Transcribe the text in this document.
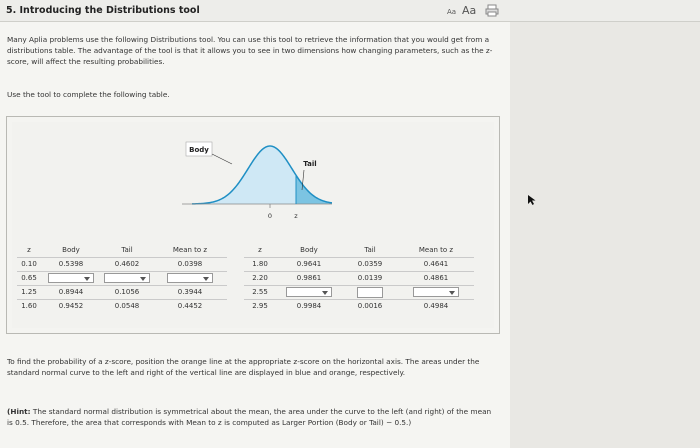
5. Introducing the Distributions tool	Aa Aa

Many Aplia problems use the following Distributions tool. You can use this tool to retrieve the information that you would get from a distributions table. The advantage of the tool is that it allows you to see in two dimensions how changing parameters, such as the z-score, will affect the resulting probabilities.

Use the tool to complete the following table.

0	z
Body
Tail
z	Body	Tail	Mean to z
0.10	0.5398	0.4602	0.0398
0.65			
1.25	0.8944	0.1056	0.3944
1.60	0.9452	0.0548	0.4452
z	Body	Tail	Mean to z
1.80	0.9641	0.0359	0.4641
2.20	0.9861	0.0139	0.4861
2.55			
2.95	0.9984	0.0016	0.4984

To find the probability of a z-score, position the orange line at the appropriate z-score on the horizontal axis. The areas under the standard normal curve to the left and right of the vertical line are displayed in blue and orange, respectively.

(Hint: The standard normal distribution is symmetrical about the mean, the area under the curve to the left (and right) of the mean is 0.5. Therefore, the area that corresponds with Mean to z is computed as Larger Portion (Body or Tail) − 0.5.)
